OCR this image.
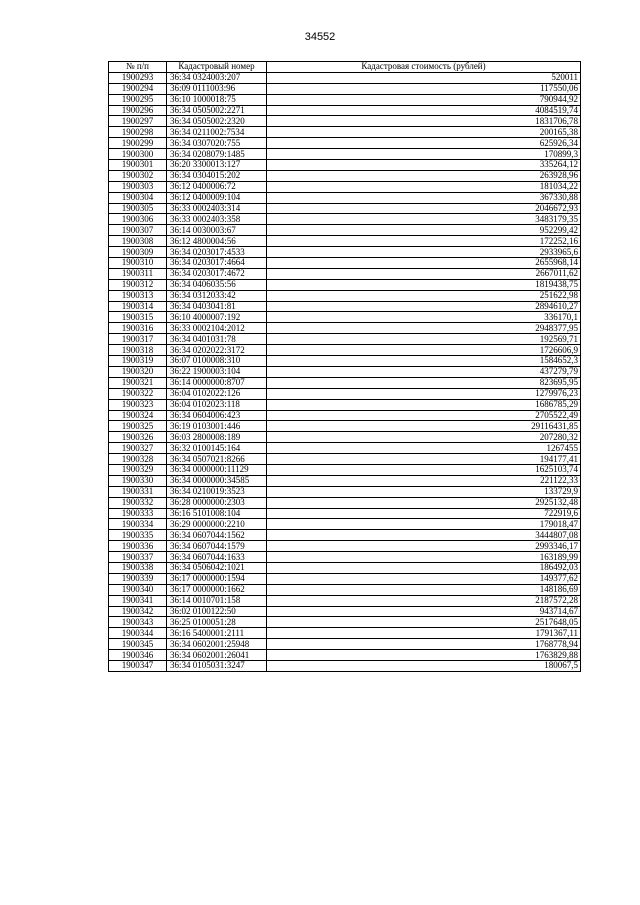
34552
№ п/п	Кадастровый номер	Кадастровая стоимость (рублей)
1900293	36:34 0324003:207	520011
1900294	36:09 0111003:96	117550,06
1900295	36:10 1000018:75	790944,92
1900296	36:34 0505002:2271	4084519,74
1900297	36:34 0505002:2320	1831706,78
1900298	36:34 0211002:7534	200165,38
1900299	36:34 0307020:755	625926,34
1900300	36:34 0208079:1485	170899,3
1900301	36:20 3300013:127	335264,12
1900302	36:34 0304015:202	263928,96
1900303	36:12 0400006:72	181034,22
1900304	36:12 0400009:104	367330,88
1900305	36:33 0002403:314	2046672,93
1900306	36:33 0002403:358	3483179,35
1900307	36:14 0030003:67	952299,42
1900308	36:12 4800004:56	172252,16
1900309	36:34 0203017:4533	2933965,6
1900310	36:34 0203017:4664	2655968,14
1900311	36:34 0203017:4672	2667011,62
1900312	36:34 0406035:56	1819438,75
1900313	36:34 0312033:42	251622,98
1900314	36:34 0403041:81	2894610,27
1900315	36:10 4000007:192	336170,1
1900316	36:33 0002104:2012	2948377,95
1900317	36:34 0401031:78	192569,71
1900318	36:34 0202022:3172	1726606,9
1900319	36:07 0100008:310	1584652,3
1900320	36:22 1900003:104	437279,79
1900321	36:14 0000000:8707	823695,95
1900322	36:04 0102022:126	1279976,23
1900323	36:04 0102023:118	1686785,29
1900324	36:34 0604006:423	2705522,49
1900325	36:19 0103001:446	29116431,85
1900326	36:03 2800008:189	207280,32
1900327	36:32 0100145:164	1267455
1900328	36:34 0507021:8266	194177,41
1900329	36:34 0000000:11129	1625103,74
1900330	36:34 0000000:34585	221122,33
1900331	36:34 0210019:3523	133729,9
1900332	36:28 0000000:2303	2925132,48
1900333	36:16 5101008:104	722919,6
1900334	36:29 0000000:2210	179018,47
1900335	36:34 0607044:1562	3444807,08
1900336	36:34 0607044:1579	2993346,17
1900337	36:34 0607044:1633	163189,99
1900338	36:34 0506042:1021	186492,03
1900339	36:17 0000000:1594	149377,62
1900340	36:17 0000000:1662	148186,69
1900341	36:14 0010701:158	2187572,28
1900342	36:02 0100122:50	943714,67
1900343	36:25 0100051:28	2517648,05
1900344	36:16 5400001:2111	1791367,11
1900345	36:34 0602001:25948	1768778,94
1900346	36:34 0602001:26041	1763829,88
1900347	36:34 0105031:3247	180067,5
